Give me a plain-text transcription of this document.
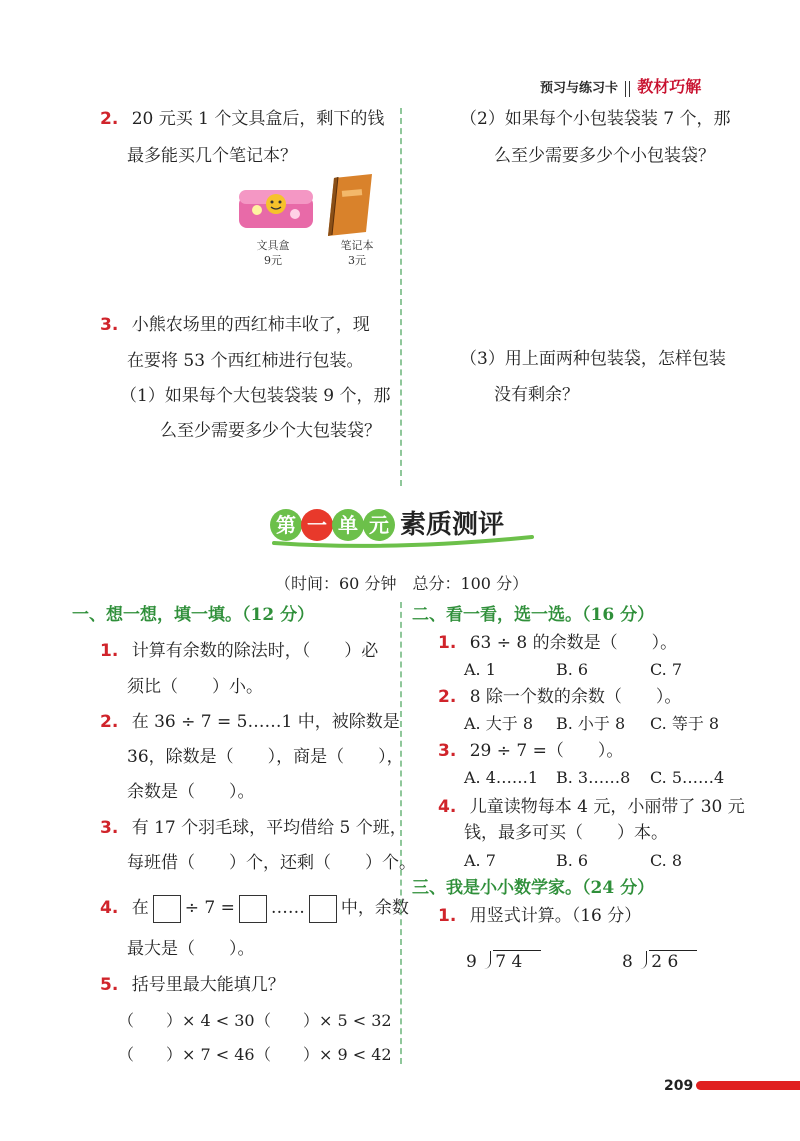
预习与练习卡 教材巧解
2. 20 元买 1 个文具盒后，剩下的钱
最多能买几个笔记本？
文具盒
9元
笔记本
3元
3. 小熊农场里的西红柿丰收了，现
在要将 53 个西红柿进行包装。
（1）如果每个大包装袋装 9 个，那
么至少需要多少个大包装袋？
（2）如果每个小包装袋装 7 个，那
么至少需要多少个小包装袋？
（3）用上面两种包装袋，怎样包装
没有剩余？
第 一 单 元 素质测评
（时间：60 分钟　总分：100 分）
一、想一想，填一填。（12 分）
1. 计算有余数的除法时，（　　）必
须比（　　）小。
2. 在 36 ÷ 7 = 5……1 中，被除数是
36，除数是（　　），商是（　　），
余数是（　　）。
3. 有 17 个羽毛球，平均借给 5 个班，
每班借（　　）个，还剩（　　）个。
4. 在 ÷ 7 = …… 中，余数
最大是（　　）。
5. 括号里最大能填几？
（　　）× 4 < 30 （　　）× 5 < 32
（　　）× 7 < 46 （　　）× 9 < 42
二、看一看，选一选。（16 分）
1. 63 ÷ 8 的余数是（　　）。
A. 1	B. 6	C. 7
2. 8 除一个数的余数（　　）。
A. 大于 8 B. 小于 8 C. 等于 8
3. 29 ÷ 7 =（　　）。
A. 4……1 B. 3……8 C. 5……4
4. 儿童读物每本 4 元，小丽带了 30 元
钱，最多可买（　　）本。
A. 7	B. 6	C. 8
三、我是小小数学家。（24 分）
1. 用竖式计算。（16 分）
9 7 4	8 2 6
209
